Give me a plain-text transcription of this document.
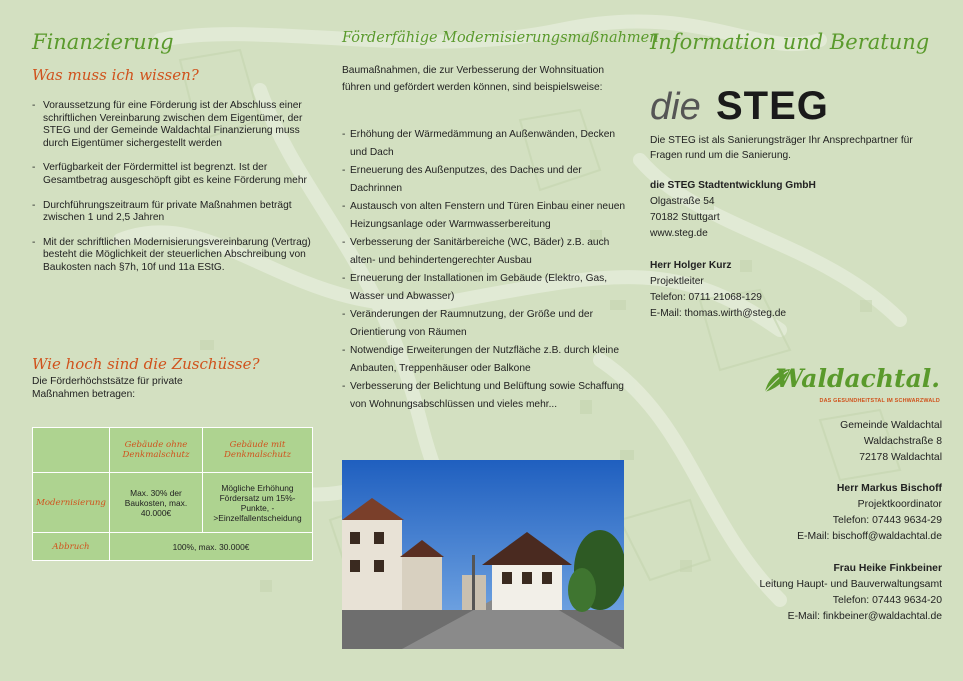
Finanzierung
Was muss ich wissen?
- Voraussetzung für eine Förderung ist der Abschluss einer schriftlichen Vereinbarung zwischen dem Eigentümer, der STEG und der Gemeinde Waldachtal Finanzierung muss durch Eigentümer sichergestellt werden
- Verfügbarkeit der Fördermittel ist begrenzt. Ist der Gesamtbetrag ausgeschöpft gibt es keine Förderung mehr
- Durchführungszeitraum für private Maßnahmen beträgt zwischen 1 und 2,5 Jahren
- Mit der schriftlichen Modernisierungsvereinbarung (Vertrag) besteht die Möglichkeit der steuerlichen Abschreibung von Baukosten nach §7h, 10f und 11a EStG.
Wie hoch sind die Zuschüsse?

Die Förderhöchstsätze für private Maßnahmen betragen:

	Gebäude ohne Denkmalschutz	Gebäude mit Denkmalschutz
Modernisierung	Max. 30% der Baukosten, max. 40.000€	Mögliche Erhöhung Fördersatz um 15%-Punkte, ->Einzelfallentscheidung
Abbruch	100%, max. 30.000€	
Förderfähige Modernisierungsmaßnahmen

Baumaßnahmen, die zur Verbesserung der Wohnsituation führen und gefördert werden können, sind beispielsweise:

- Erhöhung der Wärmedämmung an Außenwänden, Decken und Dach
- Erneuerung des Außenputzes, des Daches und der Dachrinnen
- Austausch von alten Fenstern und Türen Einbau einer neuen Heizungsanlage oder Warmwasserbereitung
- Verbesserung der Sanitärbereiche (WC, Bäder) z.B. auch alten- und behindertengerechter Ausbau
- Erneuerung der Installationen im Gebäude (Elektro, Gas, Wasser und Abwasser)
- Veränderungen der Raumnutzung, der Größe und der Orientierung von Räumen
- Notwendige Erweiterungen der Nutzfläche z.B. durch kleine Anbauten, Treppenhäuser oder Balkone
- Verbesserung der Belichtung und Belüftung sowie Schaffung von Wohnungsabschlüssen und vieles mehr...
Information und Beratung
die STEG

Die STEG ist als Sanierungsträger Ihr Ansprechpartner für Fragen rund um die Sanierung.

die STEG Stadtentwicklung GmbH

Olgastraße 54

70182 Stuttgart

www.steg.de

Herr Holger Kurz

Projektleiter

Telefon: 0711 21068-129

E-Mail: thomas.wirth@steg.de

Waldachtal.
DAS GESUNDHEITSTAL IM SCHWARZWALD

Gemeinde Waldachtal

Waldachstraße 8

72178 Waldachtal

Herr Markus Bischoff

Projektkoordinator

Telefon: 07443 9634-29

E-Mail: bischoff@waldachtal.de

Frau Heike Finkbeiner

Leitung Haupt- und Bauverwaltungsamt

Telefon: 07443 9634-20

E-Mail: finkbeiner@waldachtal.de
